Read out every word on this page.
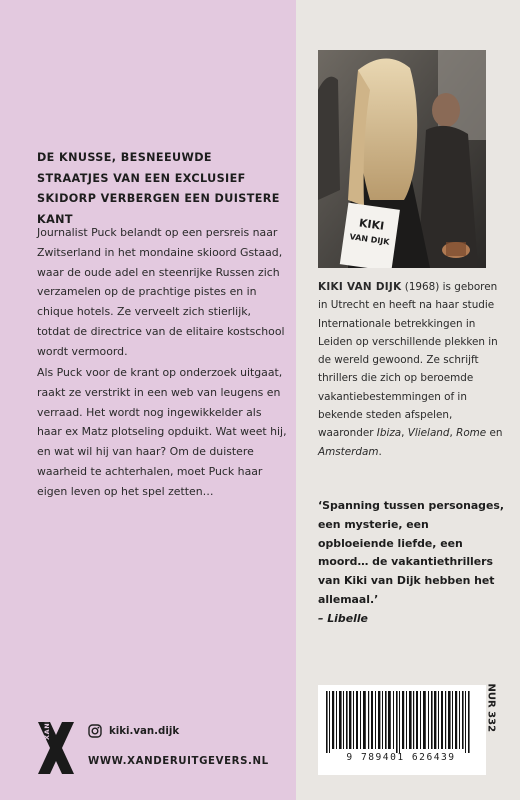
DE KNUSSE, BESNEEUWDE STRAATJES VAN EEN EXCLUSIEF SKIDORP VERBERGEN EEN DUISTERE KANT
Journalist Puck belandt op een persreis naar Zwitserland in het mondaine skioord Gstaad, waar de oude adel en steenrijke Russen zich verzamelen op de prachtige pistes en in chique hotels. Ze verveelt zich stierlijk, totdat de directrice van de elitaire kostschool wordt vermoord.
Als Puck voor de krant op onderzoek uitgaat, raakt ze verstrikt in een web van leugens en verraad. Het wordt nog ingewikkelder als haar ex Matz plotseling opduikt. Wat weet hij, en wat wil hij van haar? Om de duistere waarheid te achterhalen, moet Puck haar eigen leven op het spel zetten…
KIKI
VAN DIJK
KIKI VAN DIJK (1968) is geboren in Utrecht en heeft na haar studie Internationale betrekkingen in Leiden op verschillende plekken in de wereld gewoond. Ze schrijft thrillers die zich op beroemde vakantiebestemmingen of in bekende steden afspelen, waaronder Ibiza, Vlieland, Rome en Amsterdam.
‘Spanning tussen personages, een mysterie, een opbloeiende liefde, een moord… de vakantiethrillers van Kiki van Dijk hebben het allemaal.’
– Libelle
9 789401 626439
NUR 332
XANDER	kiki.van.dijk
WWW.XANDERUITGEVERS.NL
